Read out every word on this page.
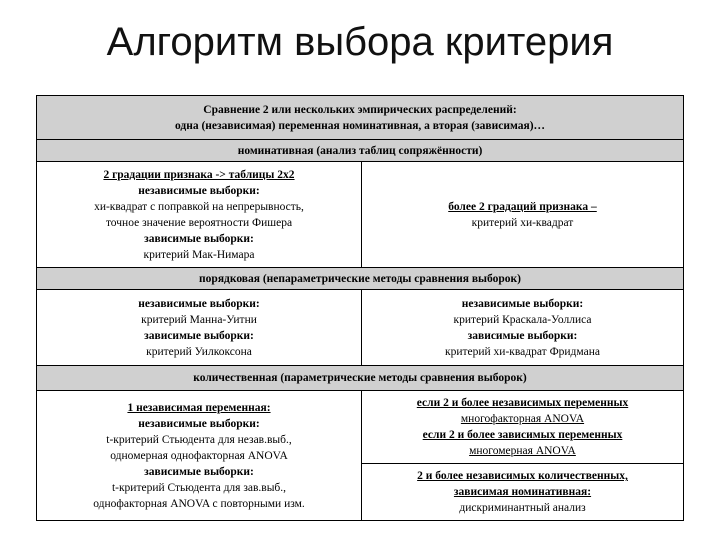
Алгоритм выбора критерия
Сравнение 2 или нескольких эмпирических распределений:
одна (независимая) переменная номинативная, а вторая (зависимая)…
номинативная (анализ таблиц сопряжённости)
2 градации признака -> таблицы 2х2
независимые выборки:
хи-квадрат с поправкой на непрерывность,
точное значение вероятности Фишера
зависимые выборки:
критерий Мак-Нимара
более 2 градаций признака –
критерий хи-квадрат
порядковая (непараметрические методы сравнения выборок)
независимые выборки:
критерий Манна-Уитни
зависимые выборки:
критерий Уилкоксона
независимые выборки:
критерий Краскала-Уоллиса
зависимые выборки:
критерий хи-квадрат Фридмана
количественная (параметрические методы сравнения выборок)
1 независимая переменная:
независимые выборки:
t-критерий Стьюдента для незав.выб.,
одномерная однофакторная ANOVA
зависимые выборки:
t-критерий Стьюдента для зав.выб.,
однофакторная ANOVA с повторными изм.
если 2 и более независимых переменных
многофакторная ANOVA
если 2 и более зависимых переменных
многомерная ANOVA
2 и более независимых количественных,
зависимая номинативная:
дискриминантный анализ
